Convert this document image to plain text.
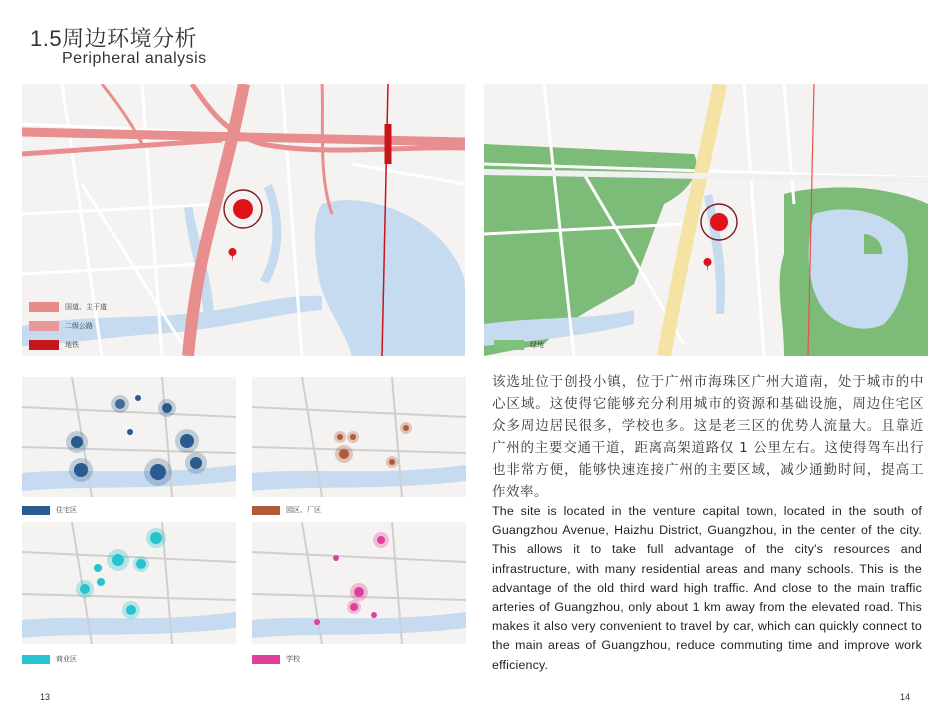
1.5周边环境分析
Peripheral analysis
国道、主干道
二级公路
地铁	绿地
住宅区	园区、厂区
商业区	学校
该选址位于创投小镇，位于广州市海珠区广州大道南，处于城市的中心区域。这使得它能够充分利用城市的资源和基础设施，周边住宅区众多周边居民很多，学校也多。这是老三区的优势人流量大。且靠近广州的主要交通干道，距离高架道路仅 1 公里左右。这使得驾车出行也非常方便，能够快速连接广州的主要区域，减少通勤时间，提高工作效率。
The site is located in the venture capital town, located in the south of Guangzhou Avenue, Haizhu District, Guangzhou, in the center of the city. This allows it to take full advantage of the city's resources and infrastructure, with many residential areas and many schools. This is the advantage of the old third ward high traffic. And close to the main traffic arteries of Guangzhou, only about 1 km away from the elevated road. This makes it also very convenient to travel by car, which can quickly connect to the main areas of Guangzhou, reduce commuting time and improve work efficiency.
13	14
